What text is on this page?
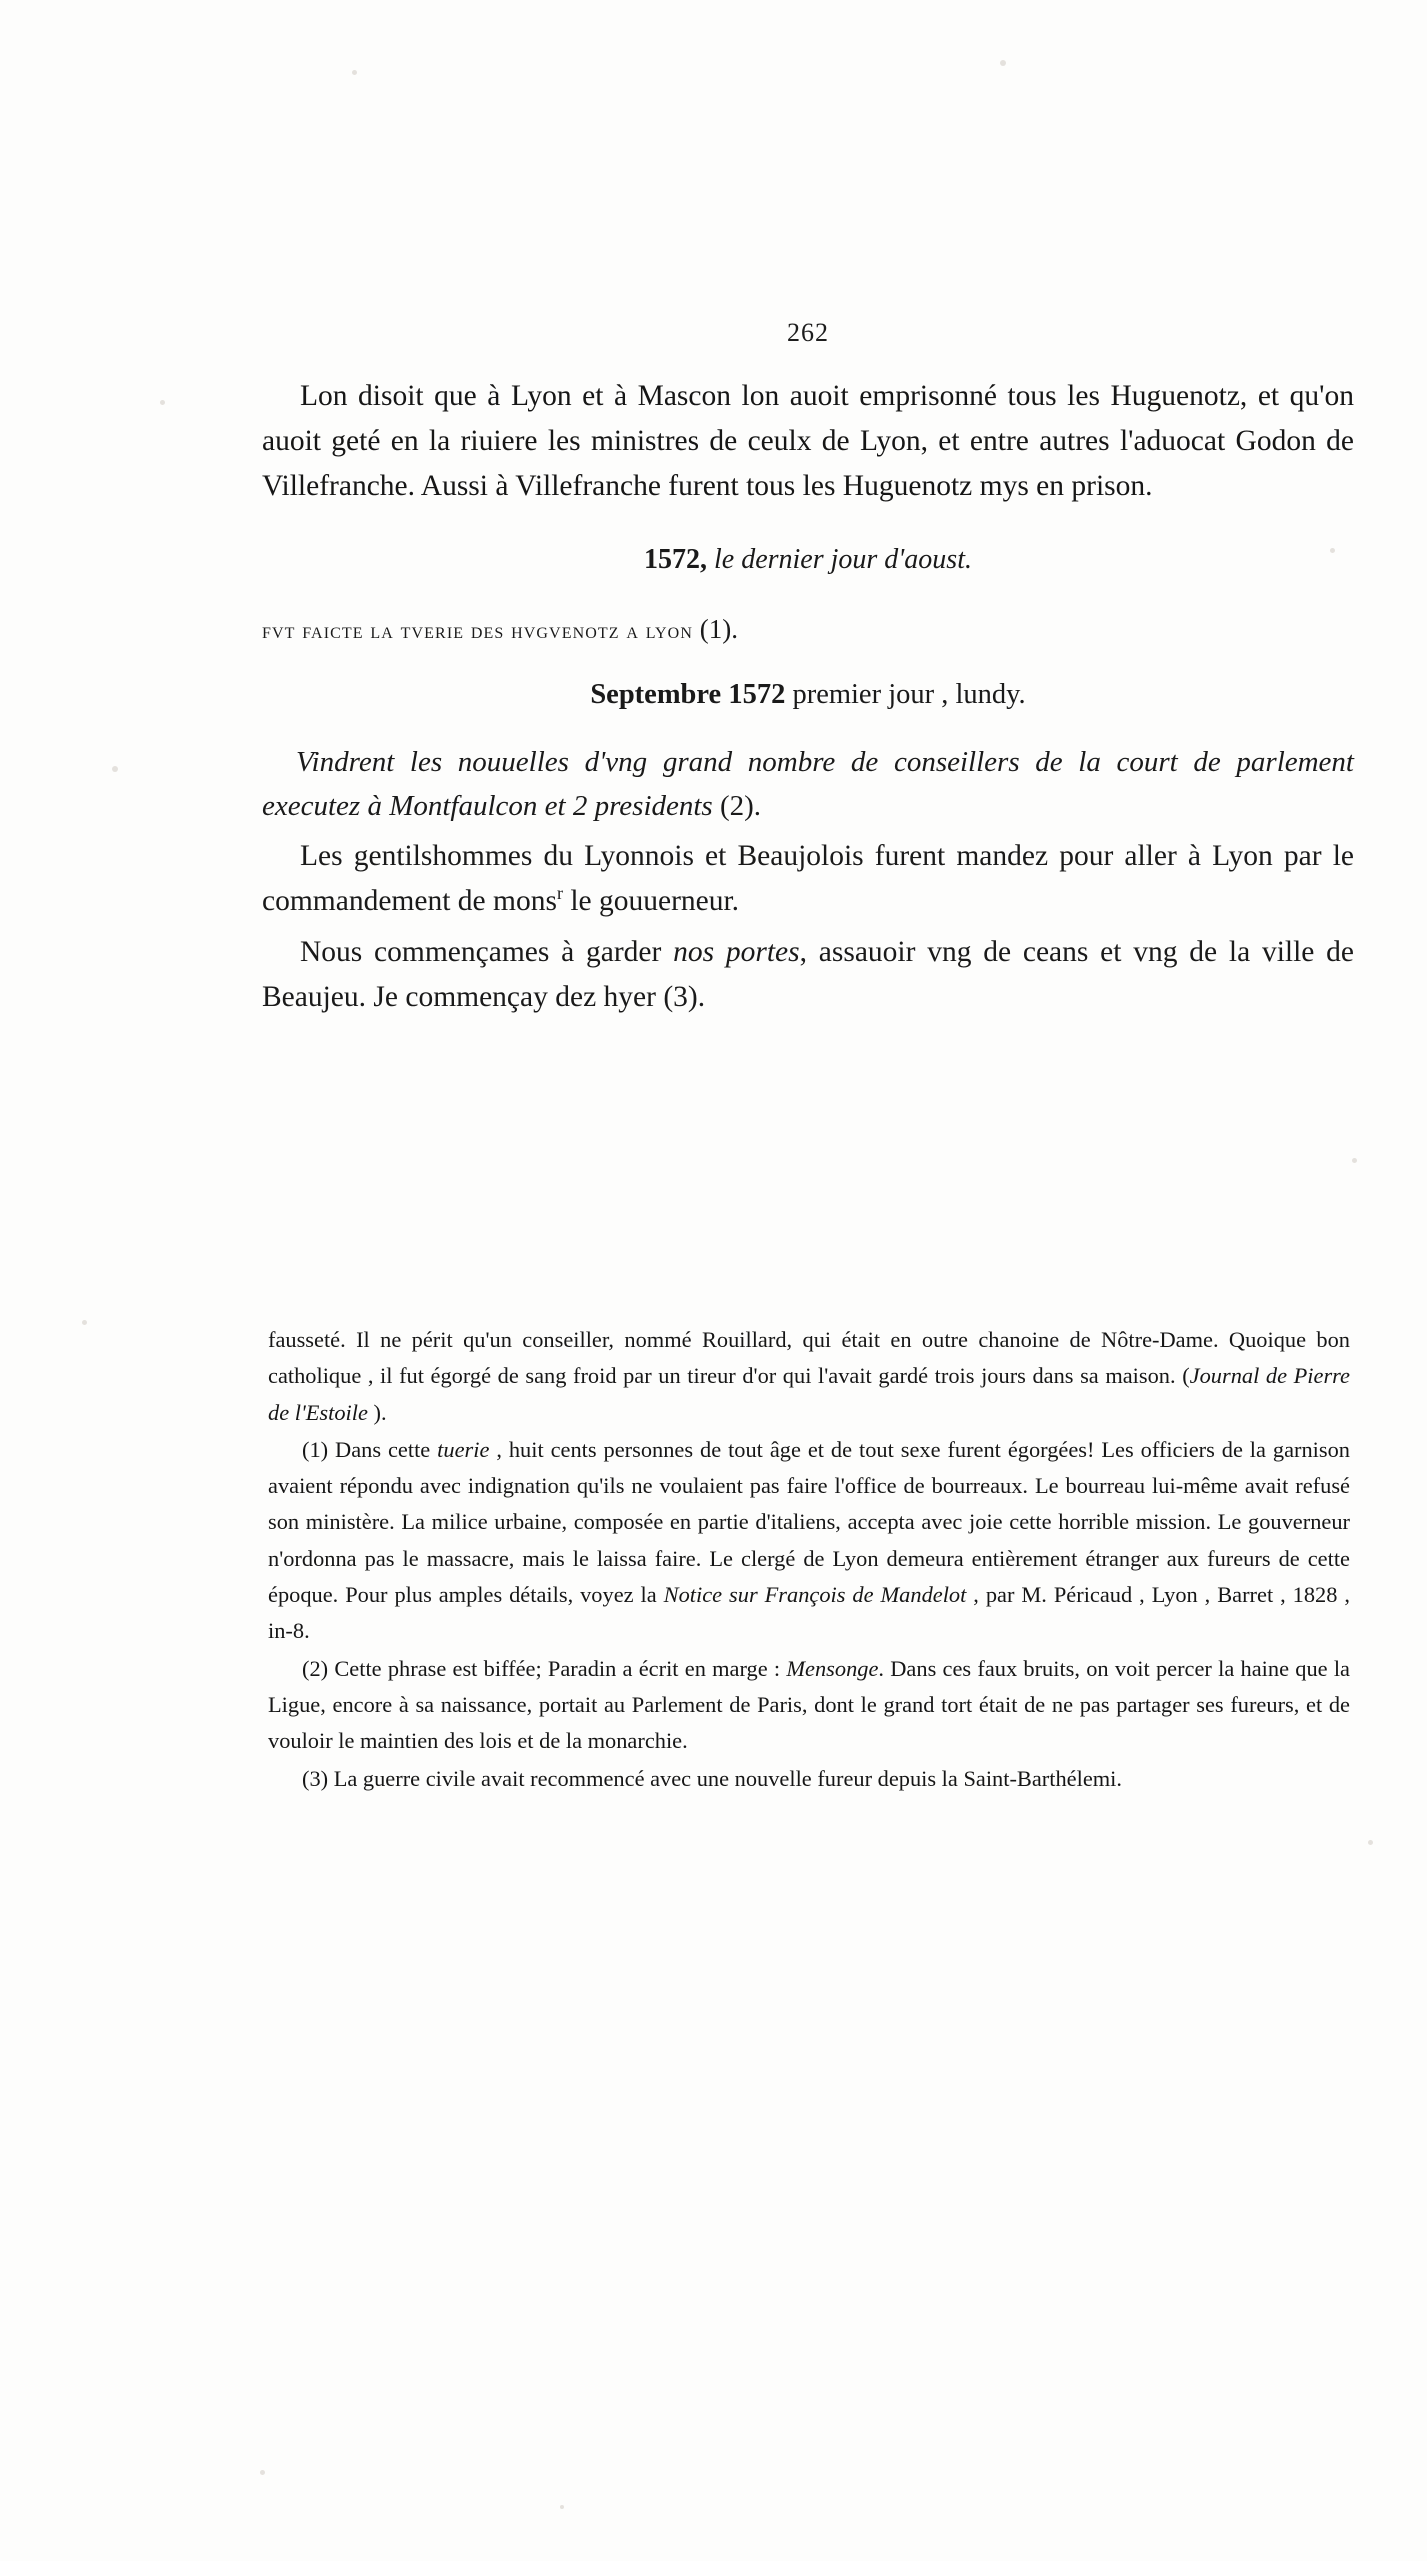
262

Lon disoit que à Lyon et à Mascon lon auoit emprisonné tous les Huguenotz, et qu'on auoit geté en la riuiere les ministres de ceulx de Lyon, et entre autres l'aduocat Godon de Villefranche. Aussi à Villefranche furent tous les Huguenotz mys en prison.

1572, le dernier jour d'aoust.
fvt faicte la tverie des hvgvenotz a lyon (1).
Septembre 1572 premier jour , lundy.
Vindrent les nouuelles d'vng grand nombre de conseillers de la court de parlement executez à Montfaulcon et 2 presidents (2).
Les gentilshommes du Lyonnois et Beaujolois furent mandez pour aller à Lyon par le commandement de mons$^r$ le gouuerneur.
Nous commençames à garder nos portes, assauoir vng de ceans et vng de la ville de Beaujeu. Je commençay dez hyer (3).

fausseté. Il ne périt qu'un conseiller, nommé Rouillard, qui était en outre chanoine de Nôtre-Dame. Quoique bon catholique , il fut égorgé de sang froid par un tireur d'or qui l'avait gardé trois jours dans sa maison. (Journal de Pierre de l'Estoile ).

(1) Dans cette tuerie , huit cents personnes de tout âge et de tout sexe furent égorgées! Les officiers de la garnison avaient répondu avec indignation qu'ils ne voulaient pas faire l'office de bourreaux. Le bourreau lui-même avait refusé son ministère. La milice urbaine, composée en partie d'italiens, accepta avec joie cette horrible mission. Le gouverneur n'ordonna pas le massacre, mais le laissa faire. Le clergé de Lyon demeura entièrement étranger aux fureurs de cette époque. Pour plus amples détails, voyez la Notice sur François de Mandelot , par M. Péricaud , Lyon , Barret , 1828 , in-8.

(2) Cette phrase est biffée; Paradin a écrit en marge : Mensonge. Dans ces faux bruits, on voit percer la haine que la Ligue, encore à sa naissance, portait au Parlement de Paris, dont le grand tort était de ne pas partager ses fureurs, et de vouloir le maintien des lois et de la monarchie.

(3) La guerre civile avait recommencé avec une nouvelle fureur depuis la Saint-Barthélemi.
